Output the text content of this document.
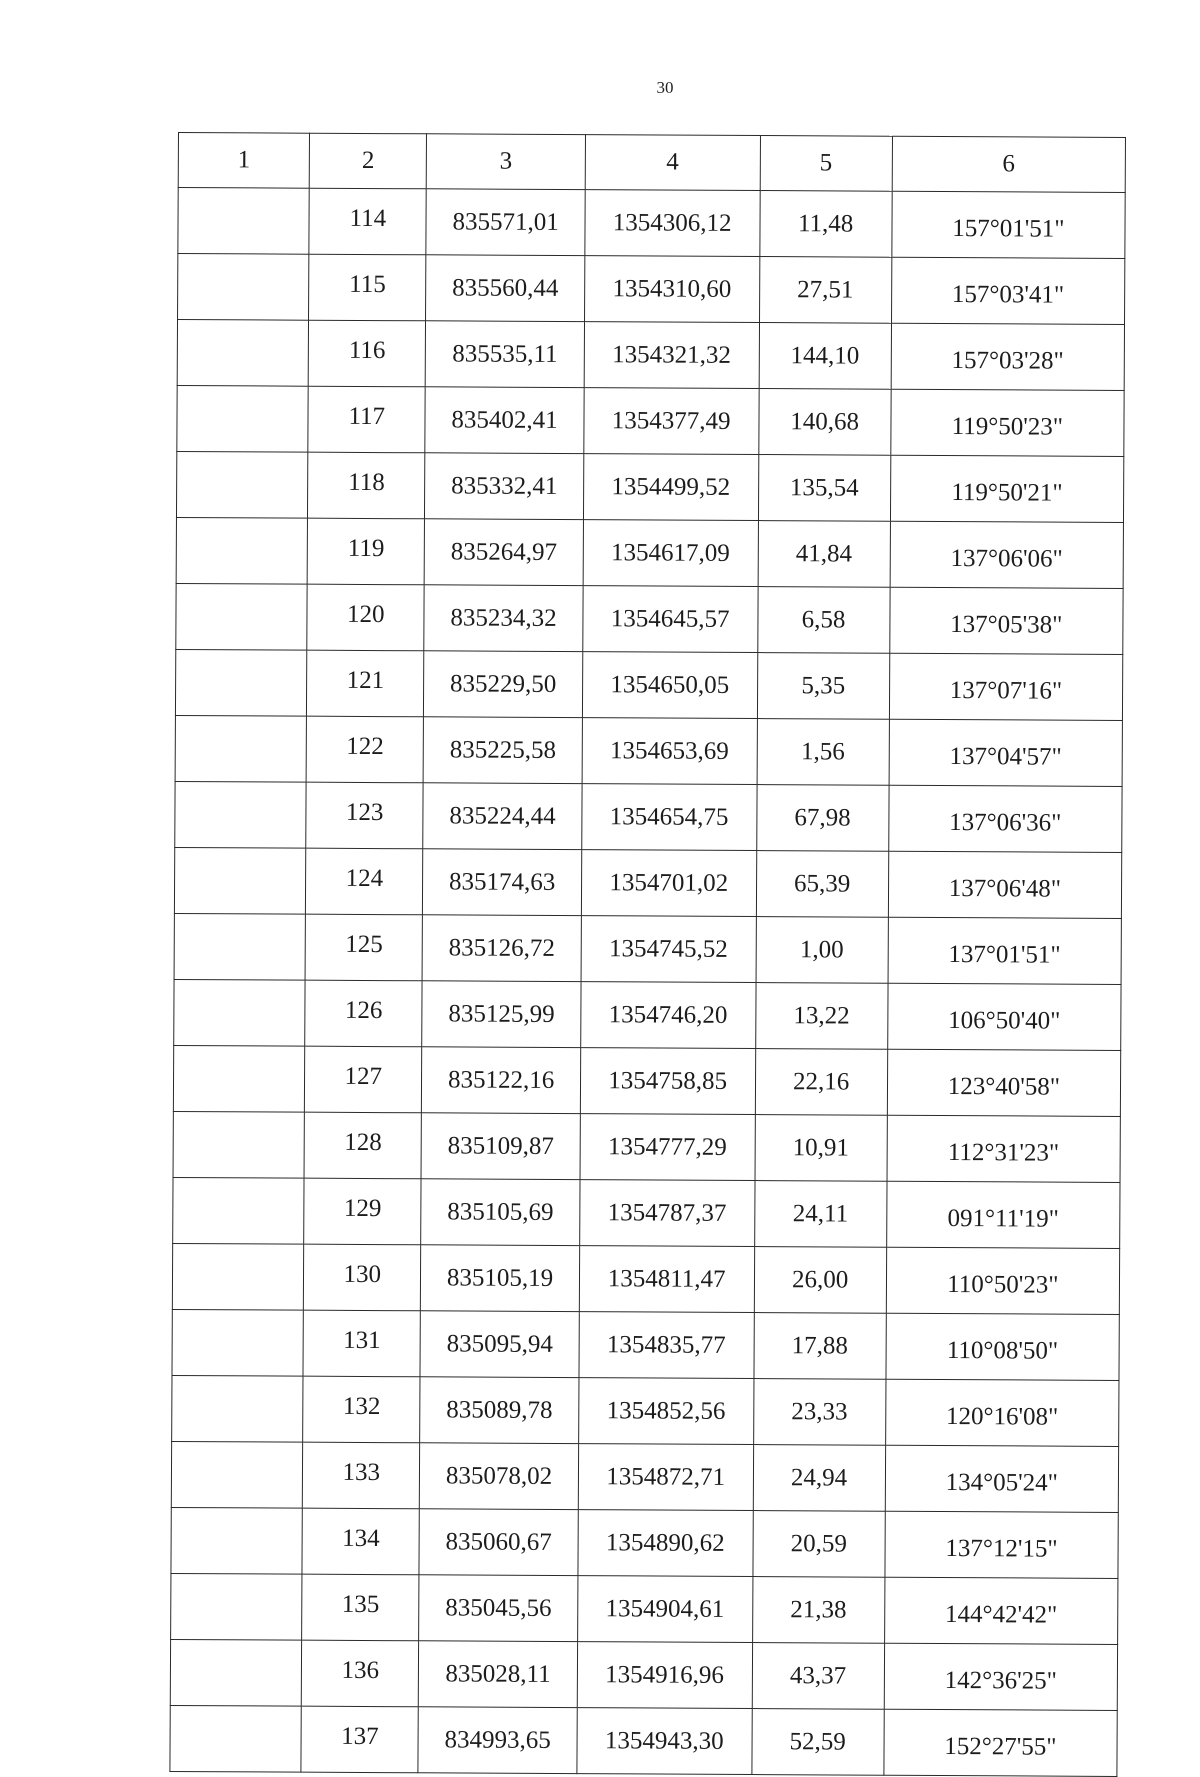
30
1	2	3	4	5	6
	114	835571,01	1354306,12	11,48	157°01'51"
	115	835560,44	1354310,60	27,51	157°03'41"
	116	835535,11	1354321,32	144,10	157°03'28"
	117	835402,41	1354377,49	140,68	119°50'23"
	118	835332,41	1354499,52	135,54	119°50'21"
	119	835264,97	1354617,09	41,84	137°06'06"
	120	835234,32	1354645,57	6,58	137°05'38"
	121	835229,50	1354650,05	5,35	137°07'16"
	122	835225,58	1354653,69	1,56	137°04'57"
	123	835224,44	1354654,75	67,98	137°06'36"
	124	835174,63	1354701,02	65,39	137°06'48"
	125	835126,72	1354745,52	1,00	137°01'51"
	126	835125,99	1354746,20	13,22	106°50'40"
	127	835122,16	1354758,85	22,16	123°40'58"
	128	835109,87	1354777,29	10,91	112°31'23"
	129	835105,69	1354787,37	24,11	091°11'19"
	130	835105,19	1354811,47	26,00	110°50'23"
	131	835095,94	1354835,77	17,88	110°08'50"
	132	835089,78	1354852,56	23,33	120°16'08"
	133	835078,02	1354872,71	24,94	134°05'24"
	134	835060,67	1354890,62	20,59	137°12'15"
	135	835045,56	1354904,61	21,38	144°42'42"
	136	835028,11	1354916,96	43,37	142°36'25"
	137	834993,65	1354943,30	52,59	152°27'55"
